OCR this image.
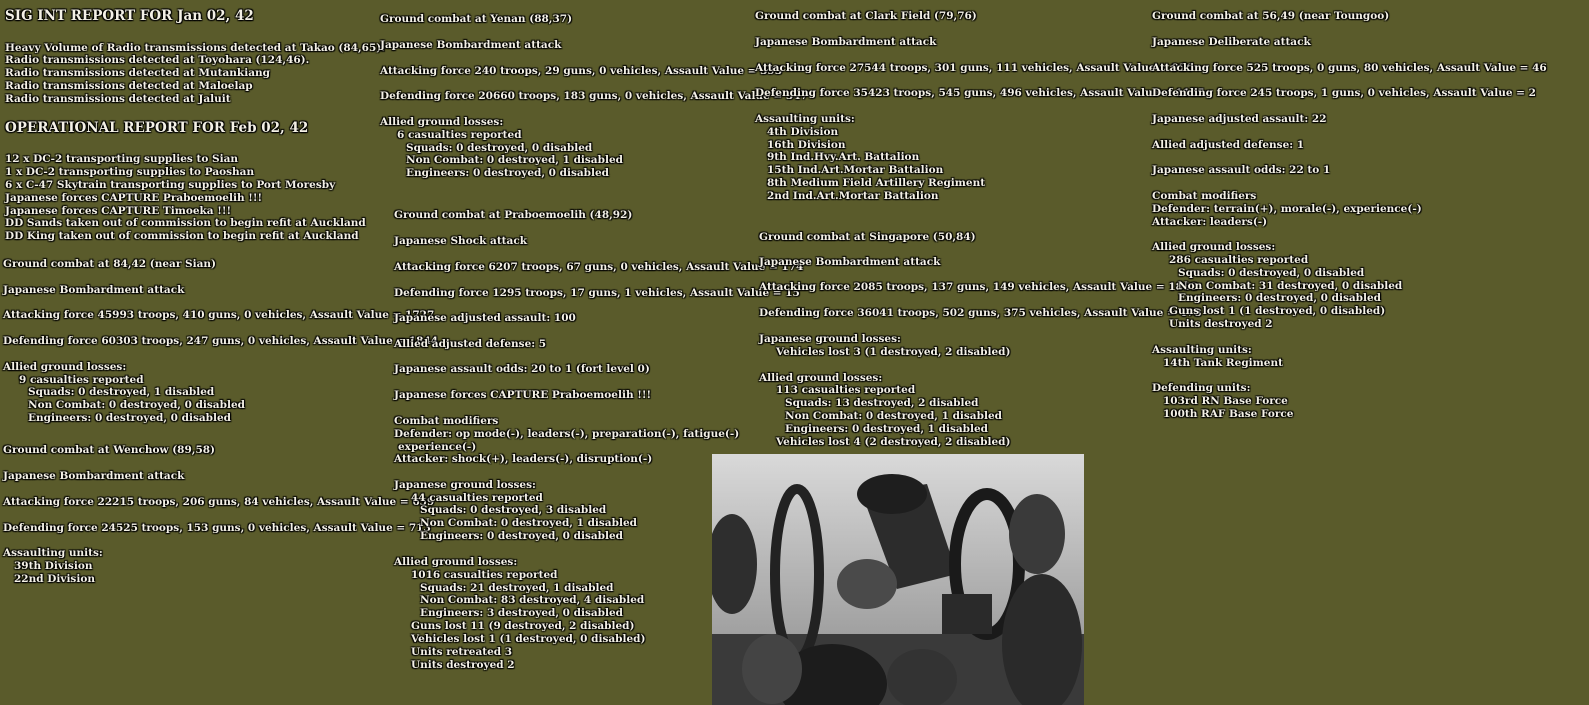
SIG INT REPORT FOR Jan 02, 42
Heavy Volume of Radio transmissions detected at Takao (84,65).
Radio transmissions detected at Toyohara (124,46).
Radio transmissions detected at Mutankiang
Radio transmissions detected at Maloelap
Radio transmissions detected at Jaluit
OPERATIONAL REPORT FOR Feb 02, 42
12 x DC-2 transporting supplies to Sian
1 x DC-2 transporting supplies to Paoshan
6 x C-47 Skytrain transporting supplies to Port Moresby
Japanese forces CAPTURE Praboemoelih !!!
Japanese forces CAPTURE Timoeka !!!
DD Sands taken out of commission to begin refit at Auckland
DD King taken out of commission to begin refit at Auckland
Ground combat at 84,42 (near Sian)
Japanese Bombardment attack
Attacking force 45993 troops, 410 guns, 0 vehicles, Assault Value = 1727
Defending force 60303 troops, 247 guns, 0 vehicles, Assault Value = 1844
Allied ground losses:
9 casualties reported
Squads: 0 destroyed, 1 disabled
Non Combat: 0 destroyed, 0 disabled
Engineers: 0 destroyed, 0 disabled
Ground combat at Wenchow (89,58)
Japanese Bombardment attack
Attacking force 22215 troops, 206 guns, 84 vehicles, Assault Value = 659
Defending force 24525 troops, 153 guns, 0 vehicles, Assault Value = 713
Assaulting units:
39th Division
22nd Division
Ground combat at Yenan (88,37)
Japanese Bombardment attack
Attacking force 240 troops, 29 guns, 0 vehicles, Assault Value = 393
Defending force 20660 troops, 183 guns, 0 vehicles, Assault Value = 347
Allied ground losses:
6 casualties reported
Squads: 0 destroyed, 0 disabled
Non Combat: 0 destroyed, 1 disabled
Engineers: 0 destroyed, 0 disabled
Ground combat at Praboemoelih (48,92)
Japanese Shock attack
Attacking force 6207 troops, 67 guns, 0 vehicles, Assault Value = 174
Defending force 1295 troops, 17 guns, 1 vehicles, Assault Value = 15
Japanese adjusted assault: 100
Allied adjusted defense: 5
Japanese assault odds: 20 to 1 (fort level 0)
Japanese forces CAPTURE Praboemoelih !!!
Combat modifiers
Defender: op mode(-), leaders(-), preparation(-), fatigue(-)
experience(-)
Attacker: shock(+), leaders(-), disruption(-)
Japanese ground losses:
44 casualties reported
Squads: 0 destroyed, 3 disabled
Non Combat: 0 destroyed, 1 disabled
Engineers: 0 destroyed, 0 disabled
Allied ground losses:
1016 casualties reported
Squads: 21 destroyed, 1 disabled
Non Combat: 83 destroyed, 4 disabled
Engineers: 3 destroyed, 0 disabled
Guns lost 11 (9 destroyed, 2 disabled)
Vehicles lost 1 (1 destroyed, 0 disabled)
Units retreated 3
Units destroyed 2
Ground combat at Clark Field (79,76)
Japanese Bombardment attack
Attacking force 27544 troops, 301 guns, 111 vehicles, Assault Value = 920
Defending force 35423 troops, 545 guns, 496 vehicles, Assault Value = 1115
Assaulting units:
4th Division
16th Division
9th Ind.Hvy.Art. Battalion
15th Ind.Art.Mortar Battalion
8th Medium Field Artillery Regiment
2nd Ind.Art.Mortar Battalion
Ground combat at Singapore (50,84)
Japanese Bombardment attack
Attacking force 2085 troops, 137 guns, 149 vehicles, Assault Value = 1868
Defending force 36041 troops, 502 guns, 375 vehicles, Assault Value = 478
Japanese ground losses:
Vehicles lost 3 (1 destroyed, 2 disabled)
Allied ground losses:
113 casualties reported
Squads: 13 destroyed, 2 disabled
Non Combat: 0 destroyed, 1 disabled
Engineers: 0 destroyed, 1 disabled
Vehicles lost 4 (2 destroyed, 2 disabled)
Ground combat at 56,49 (near Toungoo)
Japanese Deliberate attack
Attacking force 525 troops, 0 guns, 80 vehicles, Assault Value = 46
Defending force 245 troops, 1 guns, 0 vehicles, Assault Value = 2
Japanese adjusted assault: 22
Allied adjusted defense: 1
Japanese assault odds: 22 to 1
Combat modifiers
Defender: terrain(+), morale(-), experience(-)
Attacker: leaders(-)
Allied ground losses:
286 casualties reported
Squads: 0 destroyed, 0 disabled
Non Combat: 31 destroyed, 0 disabled
Engineers: 0 destroyed, 0 disabled
Guns lost 1 (1 destroyed, 0 disabled)
Units destroyed 2
Assaulting units:
14th Tank Regiment
Defending units:
103rd RN Base Force
100th RAF Base Force
